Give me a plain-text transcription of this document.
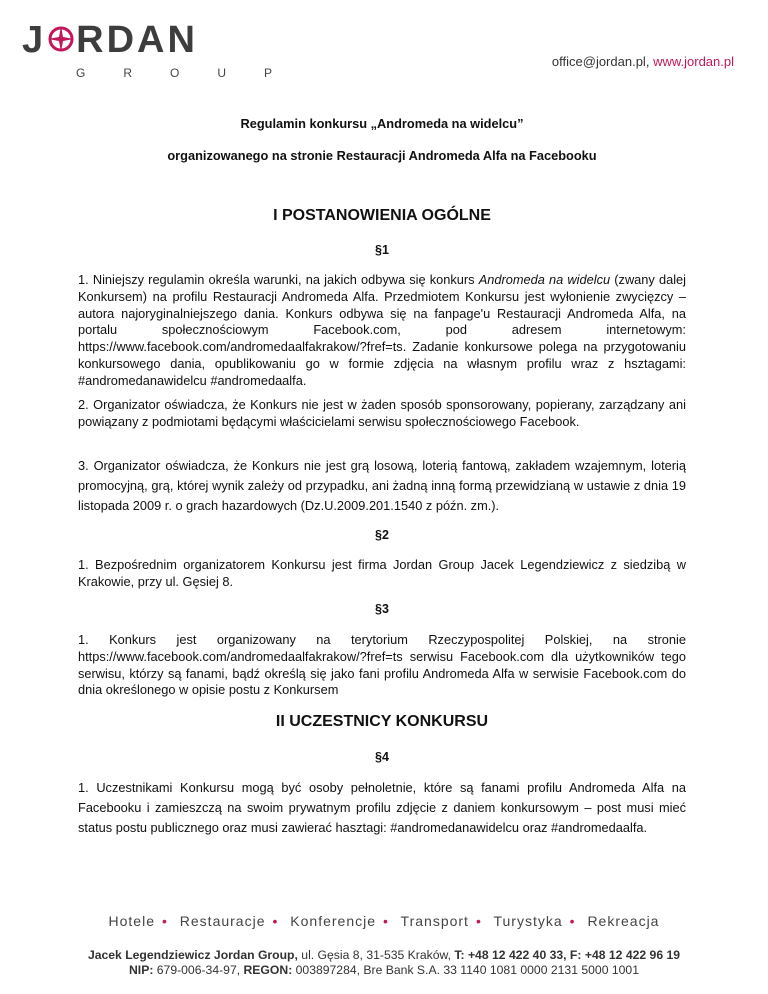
J RDAN
GROUP
office@jordan.pl, www.jordan.pl
Regulamin konkursu „Andromeda na widelcu”
organizowanego na stronie Restauracji Andromeda Alfa na Facebooku
I POSTANOWIENIA OGÓLNE
§1
1. Niniejszy regulamin określa warunki, na jakich odbywa się konkurs Andromeda na widelcu (zwany dalej Konkursem) na profilu Restauracji Andromeda Alfa. Przedmiotem Konkursu jest wyłonienie zwycięzcy – autora najoryginalniejszego dania. Konkurs odbywa się na fanpage'u Restauracji Andromeda Alfa, na portalu społecznościowym Facebook.com, pod adresem internetowym: https://www.facebook.com/andromedaalfakrakow/?fref=ts. Zadanie konkursowe polega na przygotowaniu konkursowego dania, opublikowaniu go w formie zdjęcia na własnym profilu wraz z hsztagami: #andromedanawidelcu #andromedaalfa.
2. Organizator oświadcza, że Konkurs nie jest w żaden sposób sponsorowany, popierany, zarządzany ani powiązany z podmiotami będącymi właścicielami serwisu społecznościowego Facebook.
3. Organizator oświadcza, że Konkurs nie jest grą losową, loterią fantową, zakładem wzajemnym, loterią promocyjną, grą, której wynik zależy od przypadku, ani żadną inną formą przewidzianą w ustawie z dnia 19 listopada 2009 r. o grach hazardowych (Dz.U.2009.201.1540 z późn. zm.).
§2
1. Bezpośrednim organizatorem Konkursu jest firma Jordan Group Jacek Legendziewicz z siedzibą w Krakowie, przy ul. Gęsiej 8.
§3
1. Konkurs jest organizowany na terytorium Rzeczypospolitej Polskiej, na stronie https://www.facebook.com/andromedaalfakrakow/?fref=ts serwisu Facebook.com dla użytkowników tego serwisu, którzy są fanami, bądź określą się jako fani profilu Andromeda Alfa w serwisie Facebook.com do dnia określonego w opisie postu z Konkursem
II UCZESTNICY KONKURSU
§4
1. Uczestnikami Konkursu mogą być osoby pełnoletnie, które są fanami profilu Andromeda Alfa na Facebooku i zamieszczą na swoim prywatnym profilu zdjęcie z daniem konkursowym – post musi mieć status postu publicznego oraz musi zawierać hasztagi: #andromedanawidelcu oraz #andromedaalfa.
Hotele • Restauracje • Konferencje • Transport • Turystyka • Rekreacja
Jacek Legendziewicz Jordan Group, ul. Gęsia 8, 31-535 Kraków, T: +48 12 422 40 33, F: +48 12 422 96 19
NIP: 679-006-34-97, REGON: 003897284, Bre Bank S.A. 33 1140 1081 0000 2131 5000 1001
